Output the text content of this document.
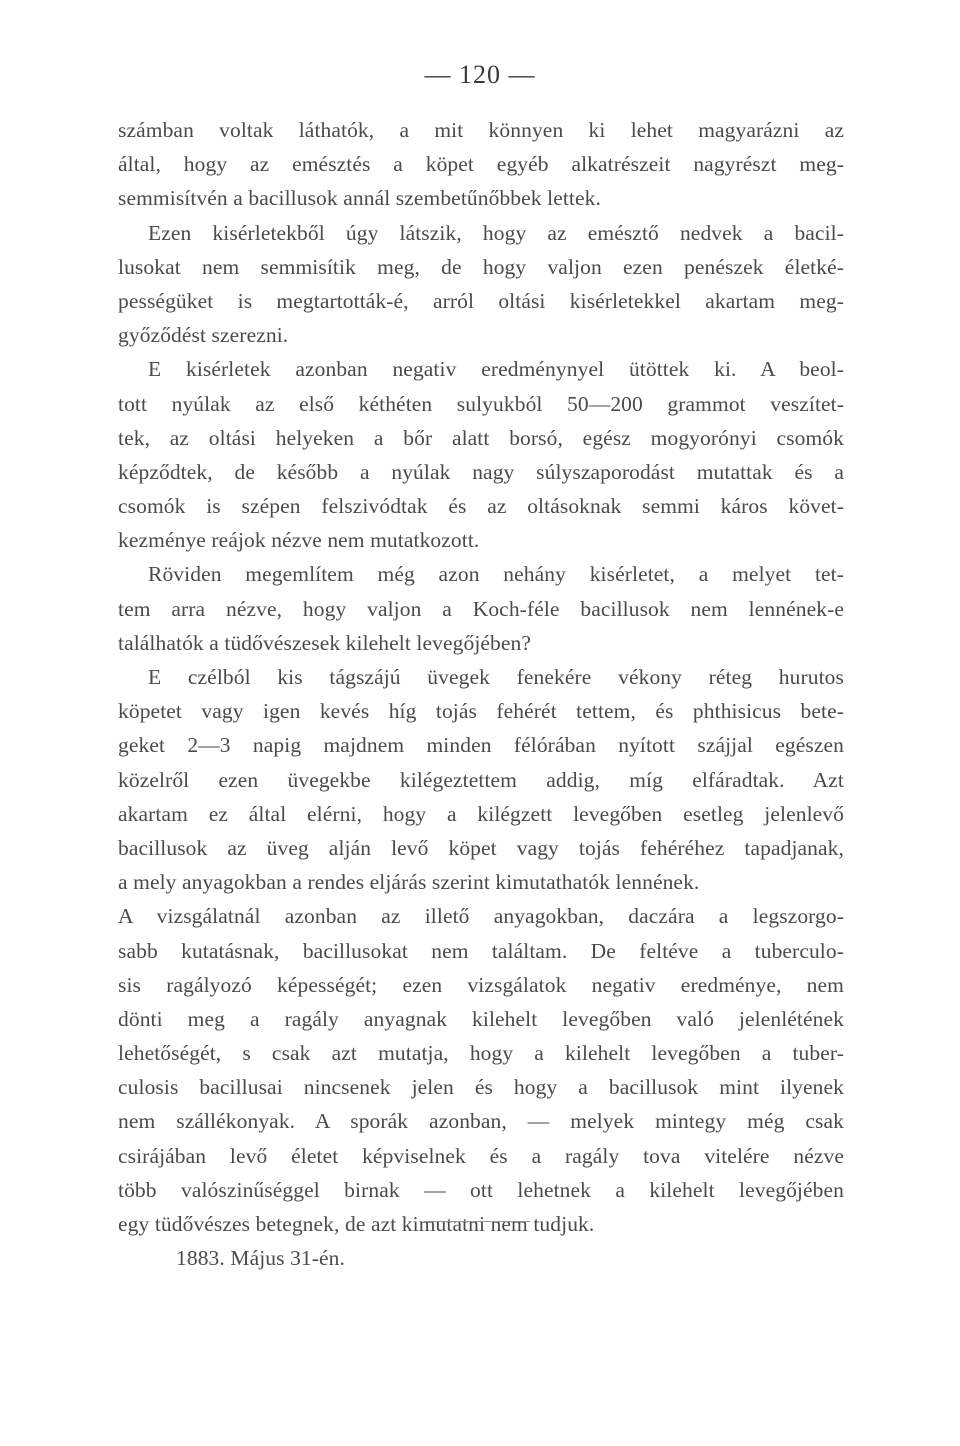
— 120 —
számban voltak láthatók, a mit könnyen ki lehet magyarázni az
által, hogy az emésztés a köpet egyéb alkatrészeit nagyrészt meg-
semmisítvén a bacillusok annál szembetűnőbbek lettek.
Ezen kisérletekből úgy látszik, hogy az emésztő nedvek a bacil-
lusokat nem semmisítik meg, de hogy valjon ezen penészek életké-
pességüket is megtartották-é, arról oltási kisérletekkel akartam meg-
győződést szerezni.
E kisérletek azonban negativ eredménynyel ütöttek ki. A beol-
tott nyúlak az első kéthéten sulyukból 50—200 grammot veszítet-
tek, az oltási helyeken a bőr alatt borsó, egész mogyorónyi csomók
képződtek, de később a nyúlak nagy súlyszaporodást mutattak és a
csomók is szépen felszivódtak és az oltásoknak semmi káros követ-
kezménye reájok nézve nem mutatkozott.
Röviden megemlítem még azon nehány kisérletet, a melyet tet-
tem arra nézve, hogy valjon a Koch-féle bacillusok nem lennének-e
találhatók a tüdővészesek kilehelt levegőjében?
E czélból kis tágszájú üvegek fenekére vékony réteg hurutos
köpetet vagy igen kevés híg tojás fehérét tettem, és phthisicus bete-
geket 2—3 napig majdnem minden félórában nyított szájjal egészen
közelről ezen üvegekbe kilégeztettem addig, míg elfáradtak. Azt
akartam ez által elérni, hogy a kilégzett levegőben esetleg jelenlevő
bacillusok az üveg alján levő köpet vagy tojás fehéréhez tapadjanak,
a mely anyagokban a rendes eljárás szerint kimutathatók lennének.
A vizsgálatnál azonban az illető anyagokban, daczára a legszorgo-
sabb kutatásnak, bacillusokat nem találtam. De feltéve a tuberculo-
sis ragályozó képességét; ezen vizsgálatok negativ eredménye, nem
dönti meg a ragály anyagnak kilehelt levegőben való jelenlétének
lehetőségét, s csak azt mutatja, hogy a kilehelt levegőben a tuber-
culosis bacillusai nincsenek jelen és hogy a bacillusok mint ilyenek
nem szállékonyak. A sporák azonban, — melyek mintegy még csak
csirájában levő életet képviselnek és a ragály tova vitelére nézve
több valószinűséggel birnak — ott lehetnek a kilehelt levegőjében
egy tüdővészes betegnek, de azt kimutatni nem tudjuk.
1883. Május 31-én.
